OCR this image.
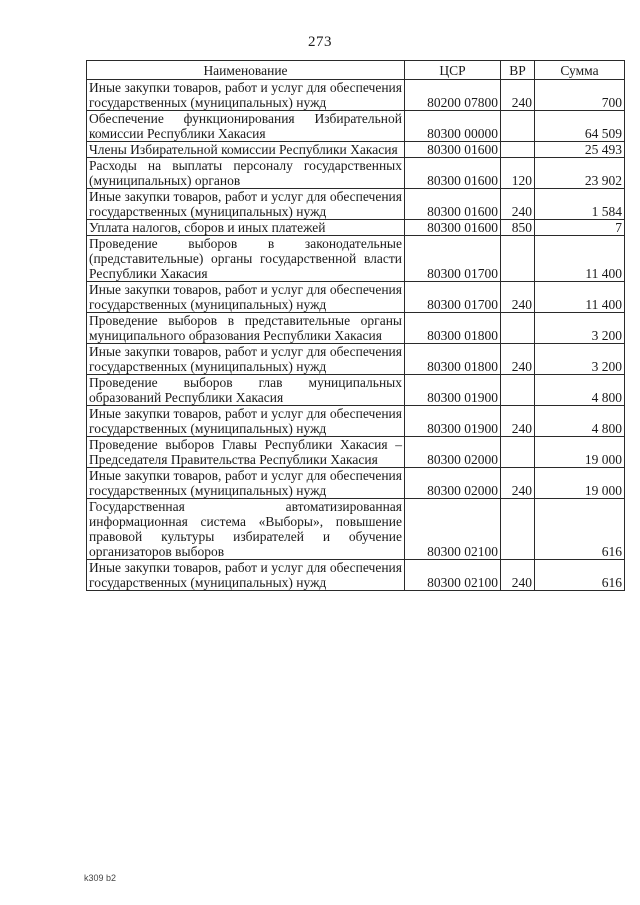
273
Наименование	ЦСР	ВР	Сумма
Иные закупки товаров, работ и услуг для обеспечения государственных (муниципальных) нужд	80200 07800	240	700
Обеспечение функционирования Избирательной комиссии Республики Хакасия	80300 00000		64 509
Члены Избирательной комиссии Республики Хакасия	80300 01600		25 493
Расходы на выплаты персоналу государственных (муниципальных) органов	80300 01600	120	23 902
Иные закупки товаров, работ и услуг для обеспечения государственных (муниципальных) нужд	80300 01600	240	1 584
Уплата налогов, сборов и иных платежей	80300 01600	850	7
Проведение выборов в законодательные (представительные) органы государственной власти Республики Хакасия	80300 01700		11 400
Иные закупки товаров, работ и услуг для обеспечения государственных (муниципальных) нужд	80300 01700	240	11 400
Проведение выборов в представительные органы муниципального образования Республики Хакасия	80300 01800		3 200
Иные закупки товаров, работ и услуг для обеспечения государственных (муниципальных) нужд	80300 01800	240	3 200
Проведение выборов глав муниципальных образований Республики Хакасия	80300 01900		4 800
Иные закупки товаров, работ и услуг для обеспечения государственных (муниципальных) нужд	80300 01900	240	4 800
Проведение выборов Главы Республики Хакасия – Председателя Правительства Республики Хакасия	80300 02000		19 000
Иные закупки товаров, работ и услуг для обеспечения государственных (муниципальных) нужд	80300 02000	240	19 000
Государственная автоматизированная информационная система «Выборы», повышение правовой культуры избирателей и обучение организаторов выборов	80300 02100		616
Иные закупки товаров, работ и услуг для обеспечения государственных (муниципальных) нужд	80300 02100	240	616
k309 b2
